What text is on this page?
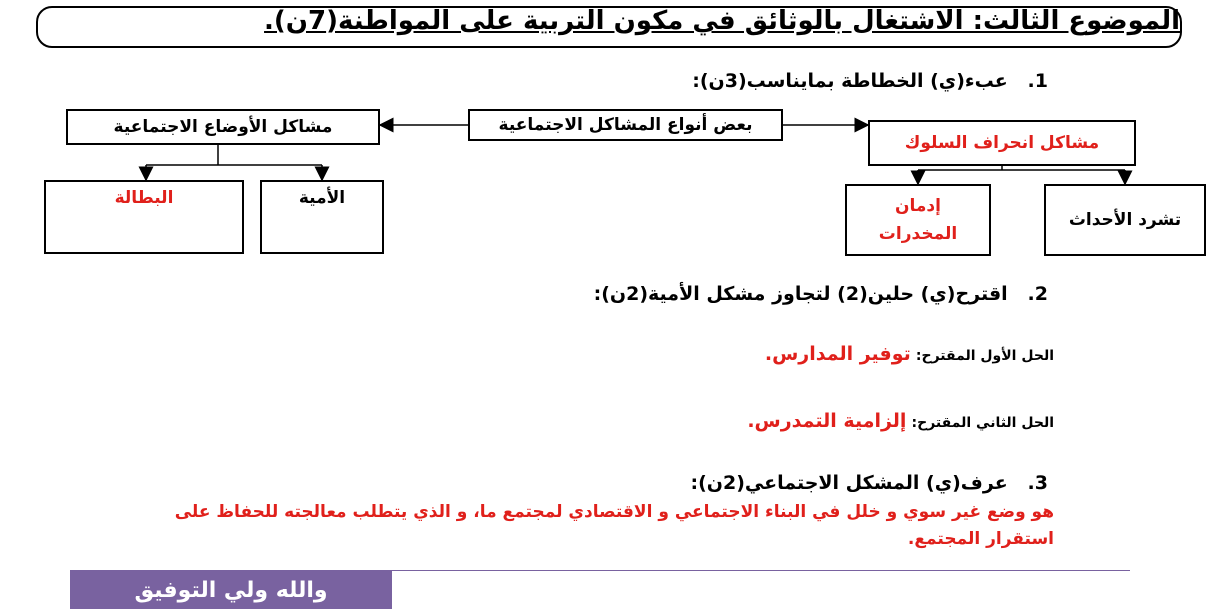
الموضوع الثالث: الاشتغال بالوثائق في مكون التربية على المواطنة(7ن).
1.   عبء(ي) الخطاطة بمايناسب(3ن):
بعض أنواع المشاكل الاجتماعية
مشاكل الأوضاع الاجتماعية
مشاكل انحراف السلوك
الأمية
البطالة
تشرد الأحداث
إدمان المخدرات
2.   اقترح(ي) حلين(2) لتجاوز مشكل الأمية(2ن):
الحل الأول المقترح: توفير المدارس.
الحل الثاني المقترح: إلزامية التمدرس.
3.   عرف(ي) المشكل الاجتماعي(2ن):
هو وضع غير سوي و خلل في البناء الاجتماعي و الاقتصادي لمجتمع ما، و الذي يتطلب معالجته للحفاظ على
استقرار المجتمع.
والله ولي التوفيق
